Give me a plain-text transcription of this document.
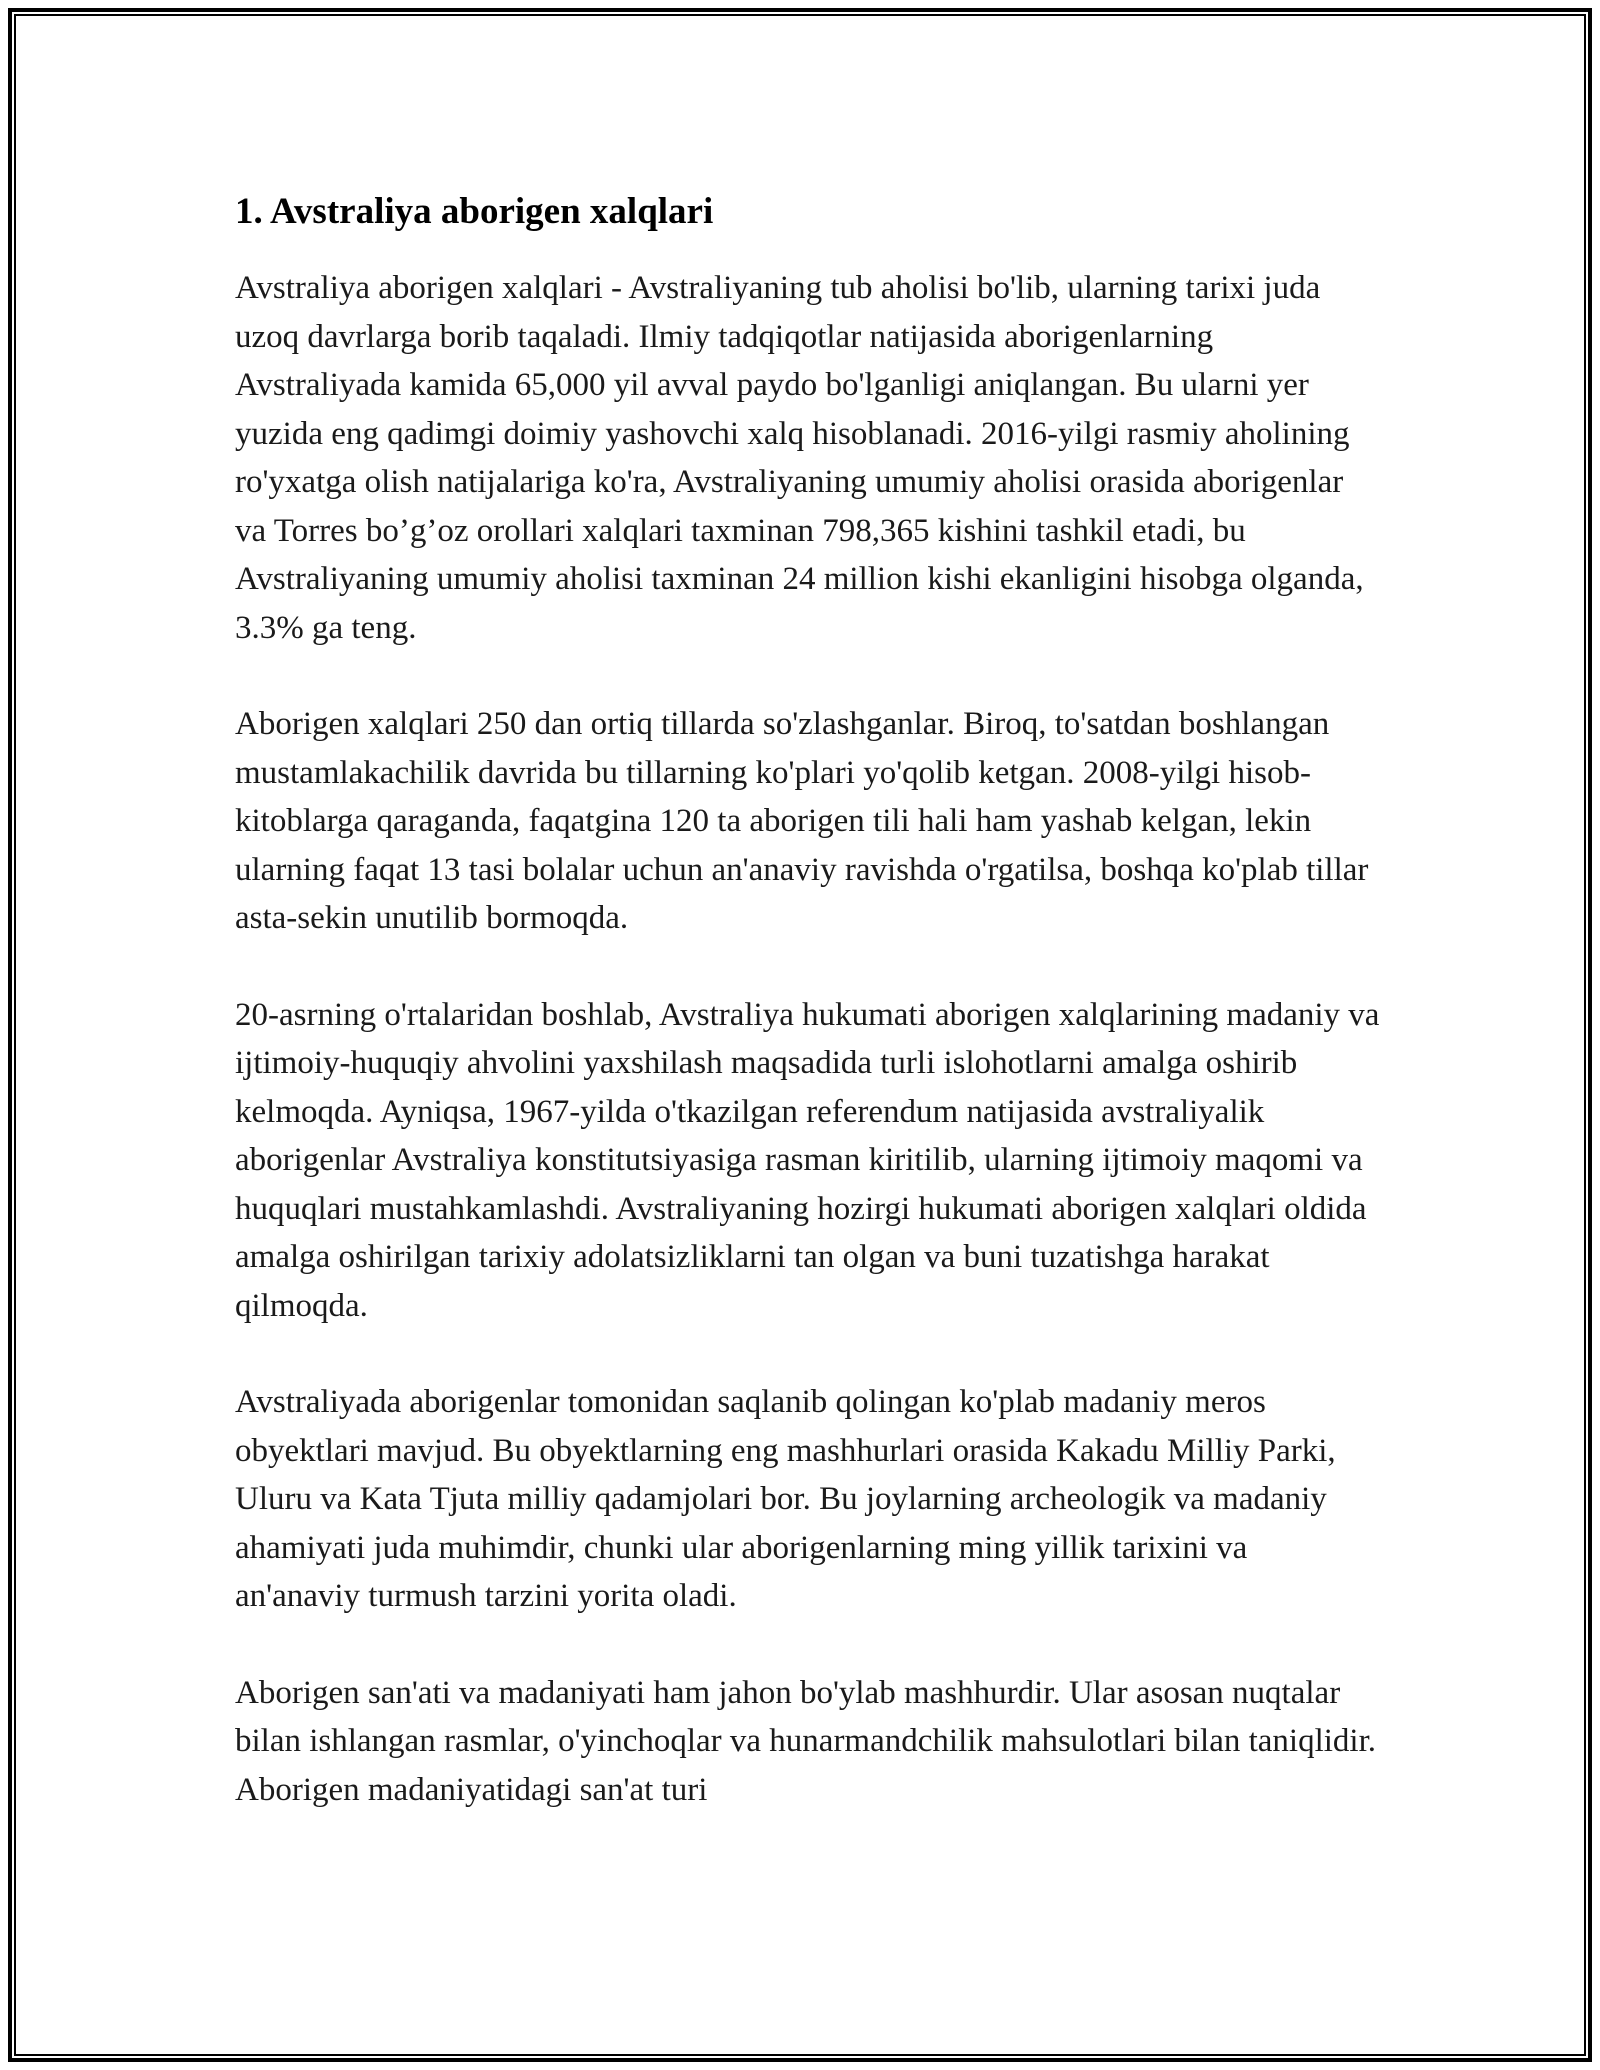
1. Avstraliya aborigen xalqlari

Avstraliya aborigen xalqlari - Avstraliyaning tub aholisi bo'lib, ularning tarixi juda uzoq davrlarga borib taqaladi. Ilmiy tadqiqotlar natijasida aborigenlarning Avstraliyada kamida 65,000 yil avval paydo bo'lganligi aniqlangan. Bu ularni yer yuzida eng qadimgi doimiy yashovchi xalq hisoblanadi. 2016-yilgi rasmiy aholining ro'yxatga olish natijalariga ko'ra, Avstraliyaning umumiy aholisi orasida aborigenlar va Torres bo’g’oz orollari xalqlari taxminan 798,365 kishini tashkil etadi, bu Avstraliyaning umumiy aholisi taxminan 24 million kishi ekanligini hisobga olganda, 3.3% ga teng.

Aborigen xalqlari 250 dan ortiq tillarda so'zlashganlar. Biroq, to'satdan boshlangan mustamlakachilik davrida bu tillarning ko'plari yo'qolib ketgan. 2008-yilgi hisob-kitoblarga qaraganda, faqatgina 120 ta aborigen tili hali ham yashab kelgan, lekin ularning faqat 13 tasi bolalar uchun an'anaviy ravishda o'rgatilsa, boshqa ko'plab tillar asta-sekin unutilib bormoqda.

20-asrning o'rtalaridan boshlab, Avstraliya hukumati aborigen xalqlarining madaniy va ijtimoiy-huquqiy ahvolini yaxshilash maqsadida turli islohotlarni amalga oshirib kelmoqda. Ayniqsa, 1967-yilda o'tkazilgan referendum natijasida avstraliyalik aborigenlar Avstraliya konstitutsiyasiga rasman kiritilib, ularning ijtimoiy maqomi va huquqlari mustahkamlashdi. Avstraliyaning hozirgi hukumati aborigen xalqlari oldida amalga oshirilgan tarixiy adolatsizliklarni tan olgan va buni tuzatishga harakat qilmoqda.

Avstraliyada aborigenlar tomonidan saqlanib qolingan ko'plab madaniy meros obyektlari mavjud. Bu obyektlarning eng mashhurlari orasida Kakadu Milliy Parki, Uluru va Kata Tjuta milliy qadamjolari bor. Bu joylarning archeologik va madaniy ahamiyati juda muhimdir, chunki ular aborigenlarning ming yillik tarixini va an'anaviy turmush tarzini yorita oladi.

Aborigen san'ati va madaniyati ham jahon bo'ylab mashhurdir. Ular asosan nuqtalar bilan ishlangan rasmlar, o'yinchoqlar va hunarmandchilik mahsulotlari bilan taniqlidir. Aborigen madaniyatidagi san'at turi
